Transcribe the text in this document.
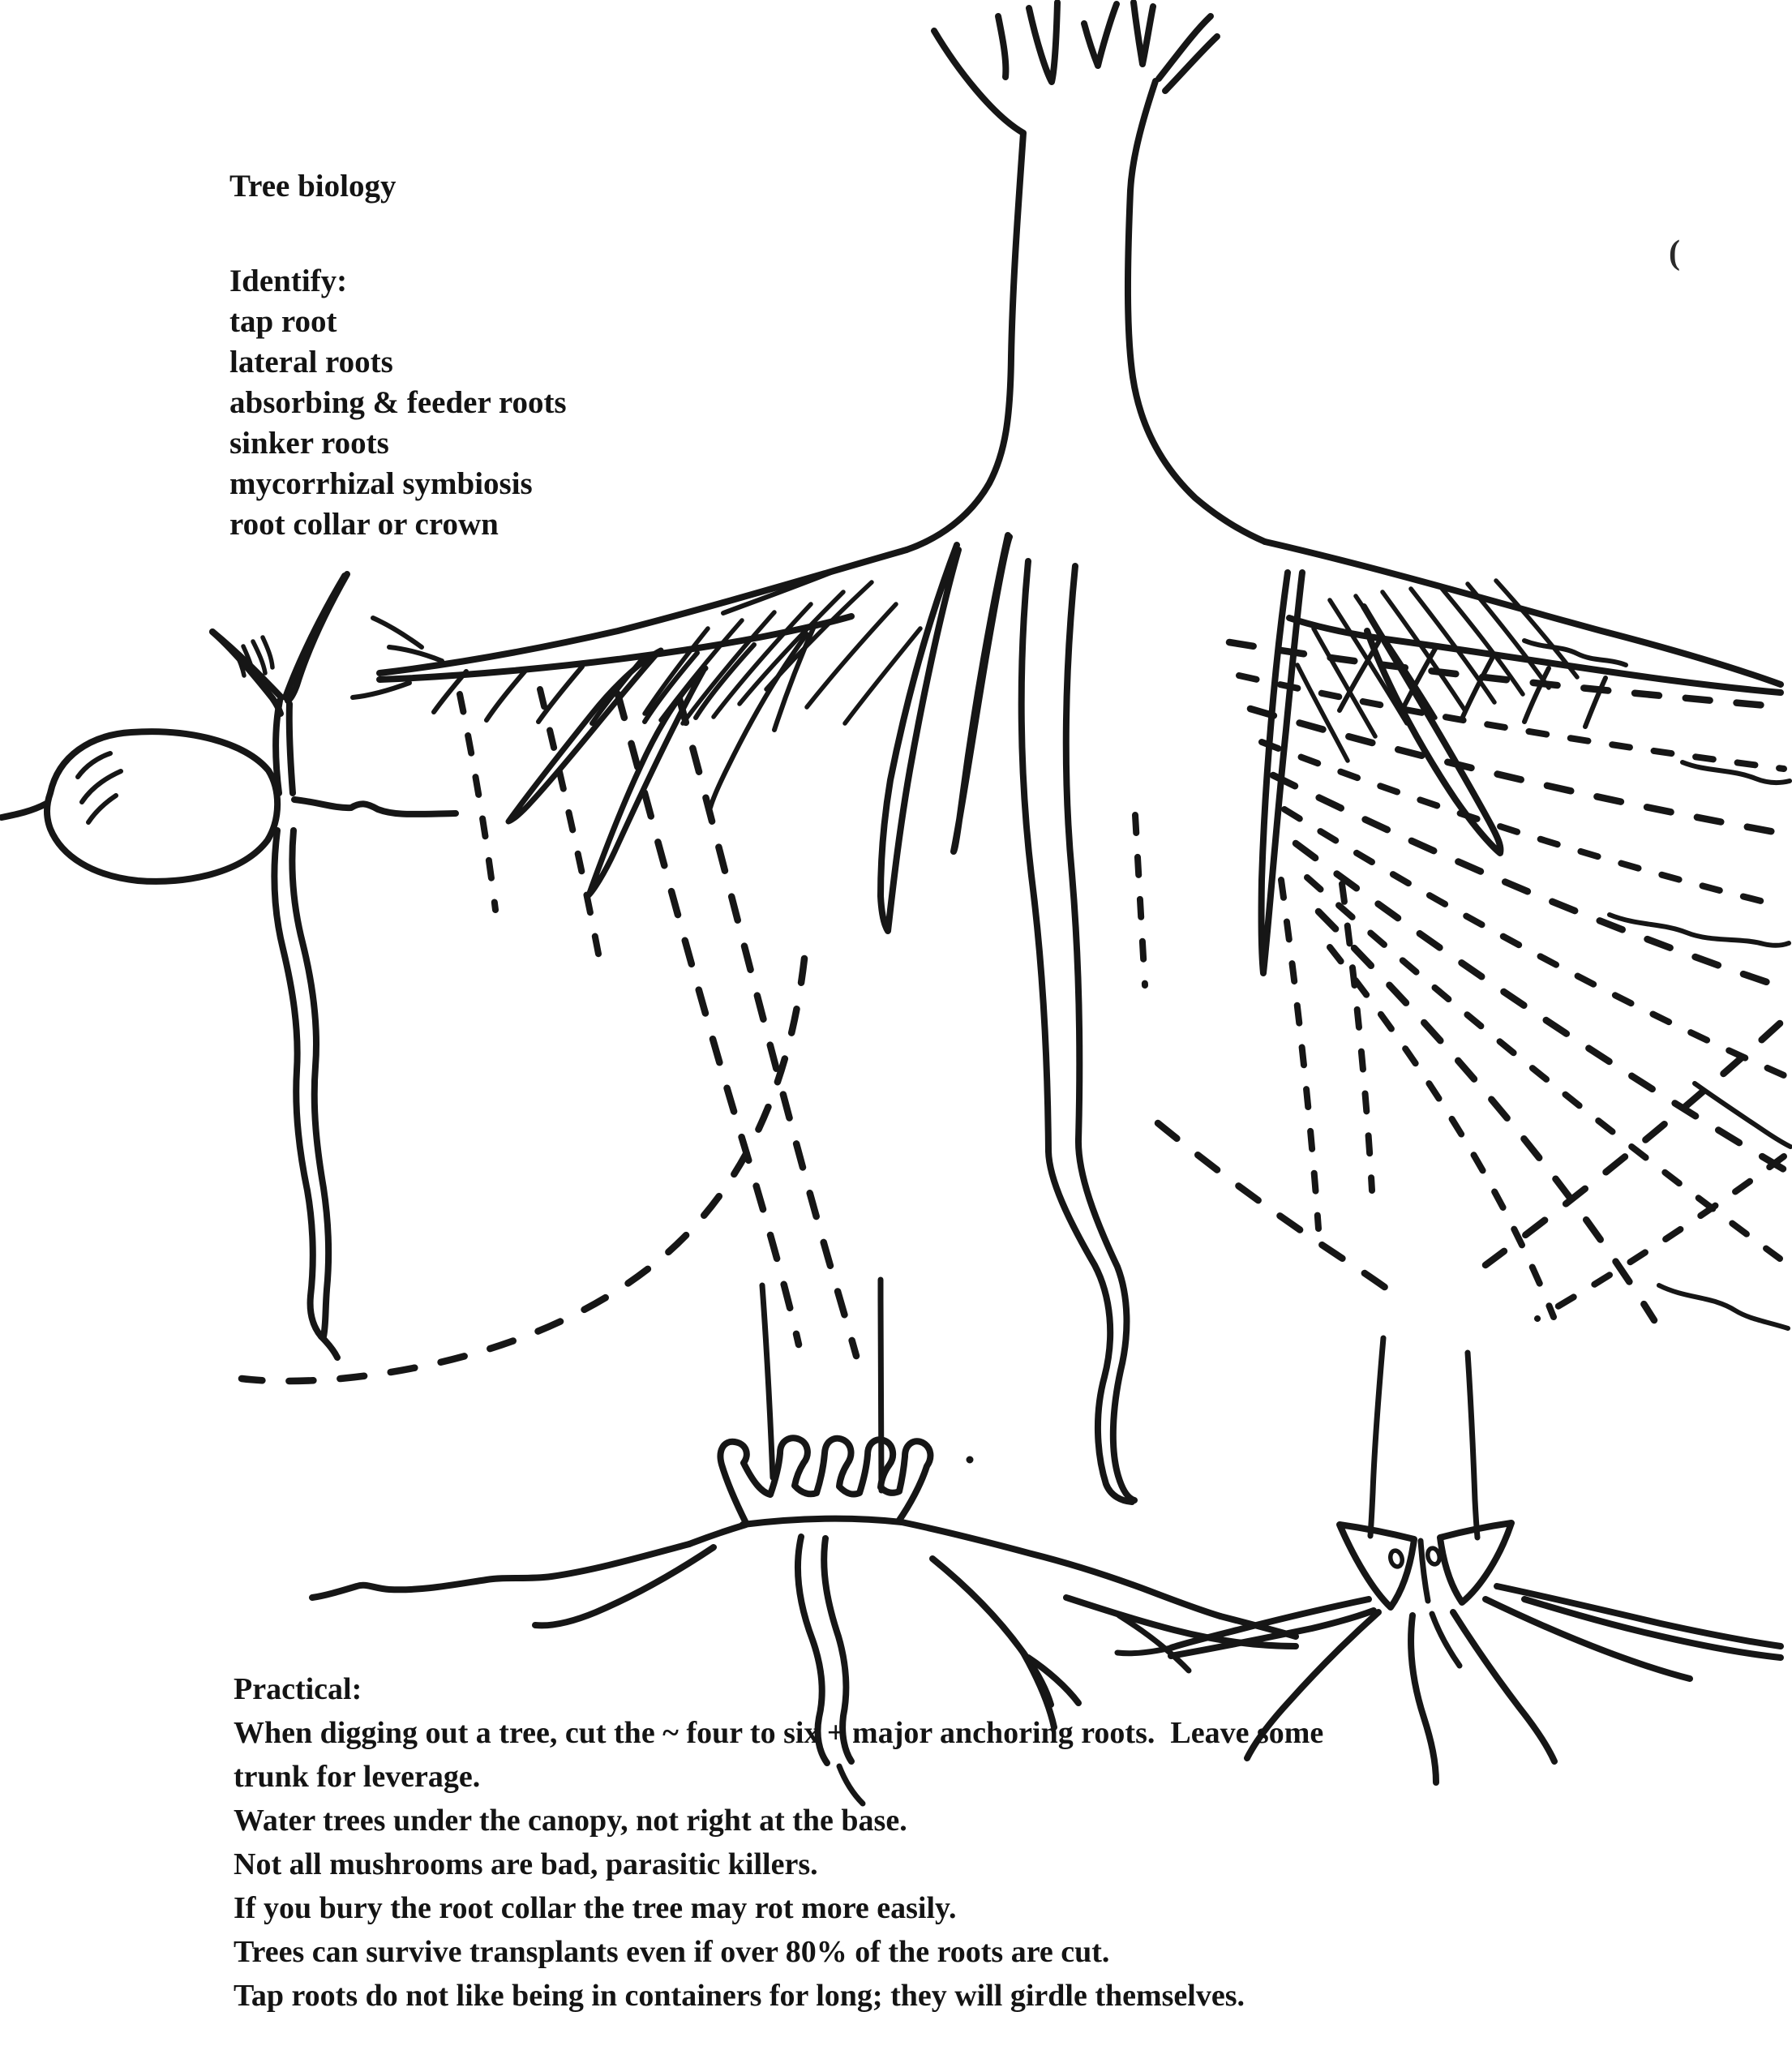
Tree biology
Identify:
tap root
lateral roots
absorbing & feeder roots
sinker roots
mycorrhizal symbiosis
root collar or crown
Practical:
When digging out a tree, cut the ~ four to six + major anchoring roots.  Leave some
trunk for leverage.
Water trees under the canopy, not right at the base.
Not all mushrooms are bad, parasitic killers.
If you bury the root collar the tree may rot more easily.
Trees can survive transplants even if over 80% of the roots are cut.
Tap roots do not like being in containers for long; they will girdle themselves.
(
